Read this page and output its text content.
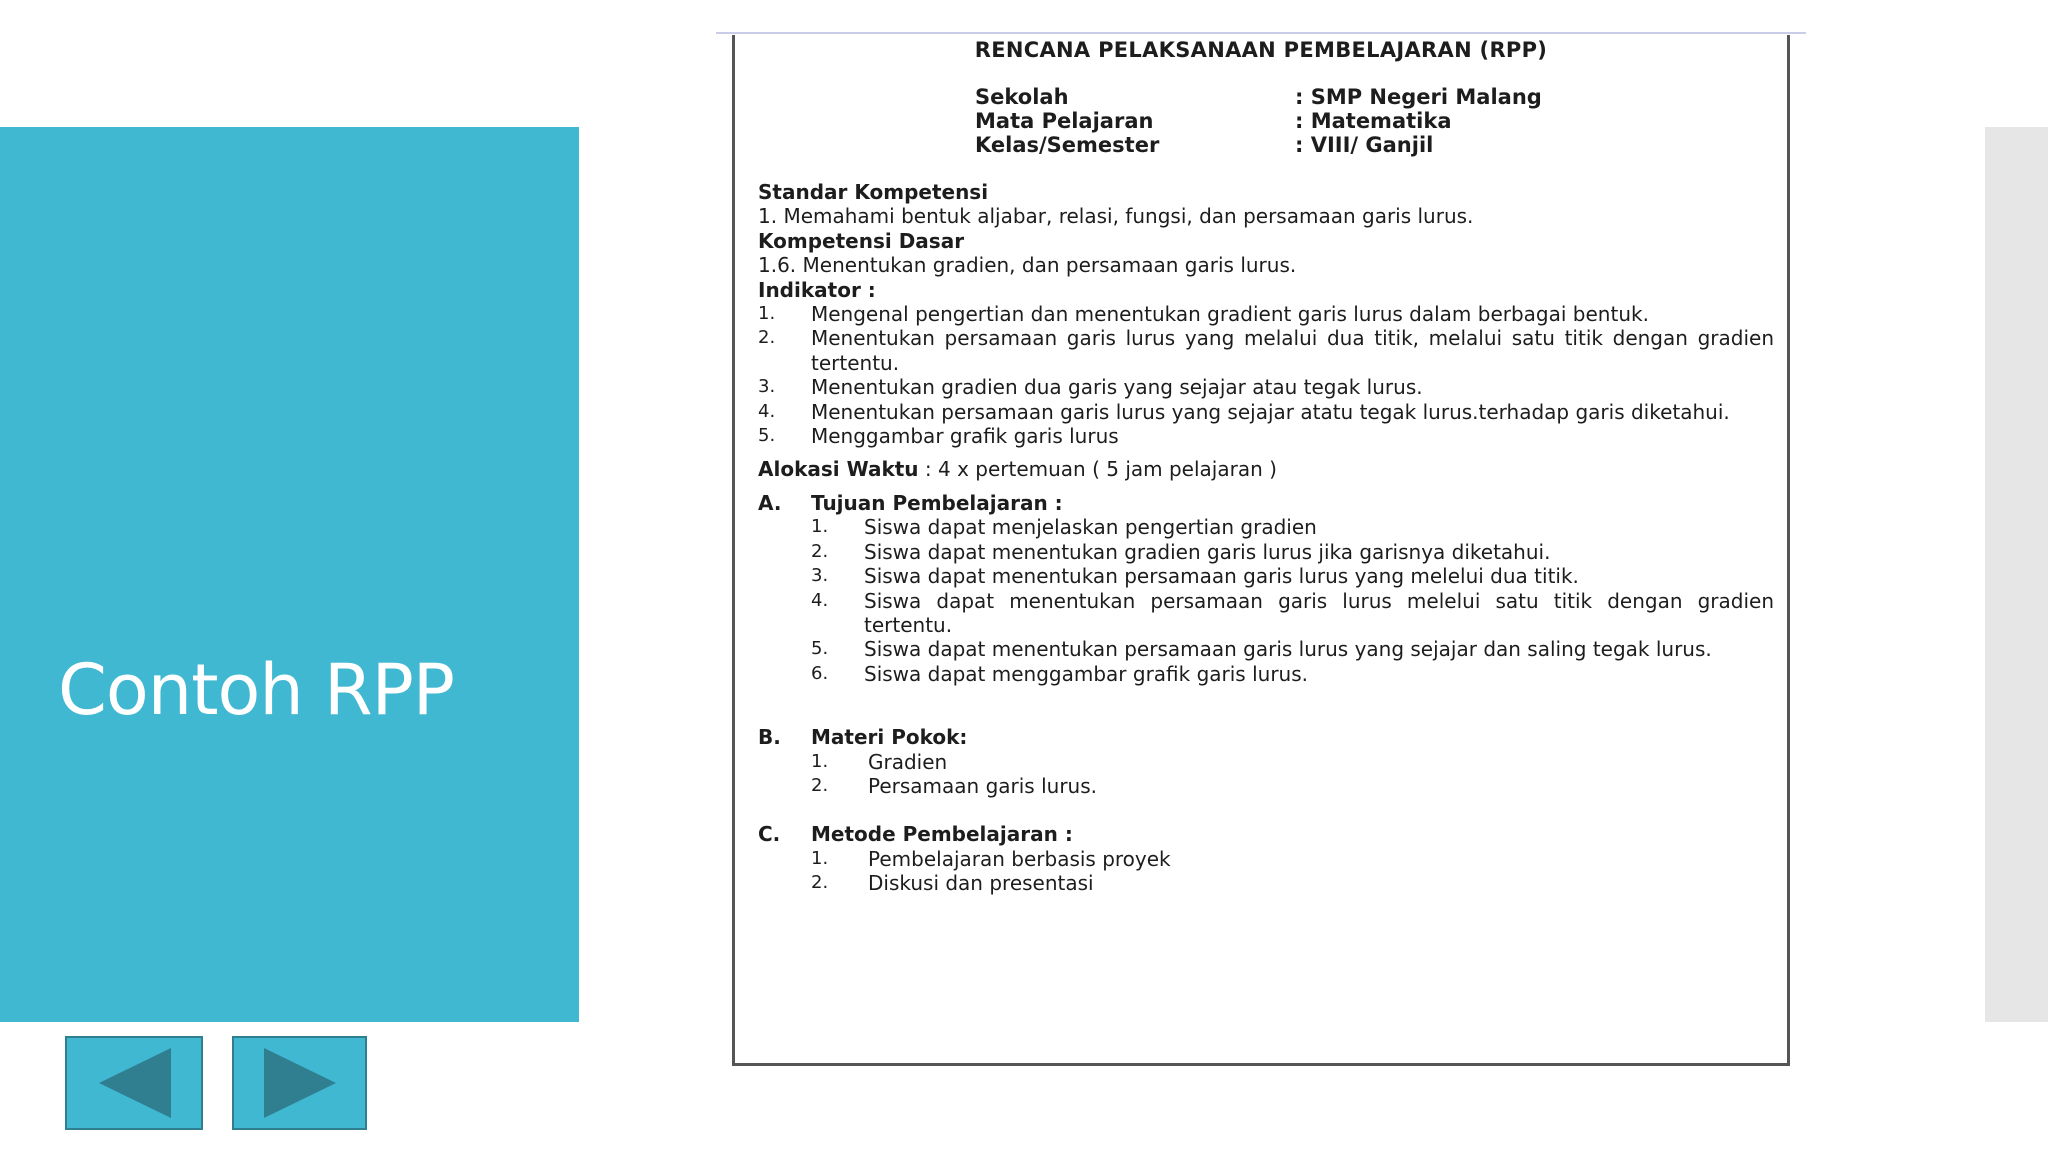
Contoh RPP
RENCANA PELAKSANAAN PEMBELAJARAN (RPP)
Sekolah	: SMP Negeri Malang
Mata Pelajaran	: Matematika
Kelas/Semester	: VIII/ Ganjil

Standar Kompetensi

1. Memahami bentuk aljabar, relasi, fungsi, dan persamaan garis lurus.

Kompetensi Dasar

1.6. Menentukan gradien, dan persamaan garis lurus.

Indikator :

1.	Mengenal pengertian dan menentukan gradient garis lurus dalam berbagai bentuk.
2.	Menentukan persamaan garis lurus yang melalui dua titik, melalui satu titik dengan gradien tertentu.
3.	Menentukan gradien dua garis yang sejajar atau tegak lurus.
4.	Menentukan persamaan garis lurus yang sejajar atatu tegak lurus.terhadap garis diketahui.
5.	Menggambar grafik garis lurus

Alokasi Waktu : 4 x pertemuan ( 5 jam pelajaran )

A.	Tujuan Pembelajaran :
1.	Siswa dapat menjelaskan pengertian gradien
2.	Siswa dapat menentukan gradien garis lurus jika garisnya diketahui.
3.	Siswa dapat menentukan persamaan garis lurus yang melelui dua titik.
4.	Siswa dapat menentukan persamaan garis lurus melelui satu titik dengan gradien tertentu.
5.	Siswa dapat menentukan persamaan garis lurus yang sejajar dan saling tegak lurus.
6.	Siswa dapat menggambar grafik garis lurus.
B.	Materi Pokok:
1.	Gradien
2.	Persamaan garis lurus.
C.	Metode Pembelajaran :
1.	Pembelajaran berbasis proyek
2.	Diskusi dan presentasi
